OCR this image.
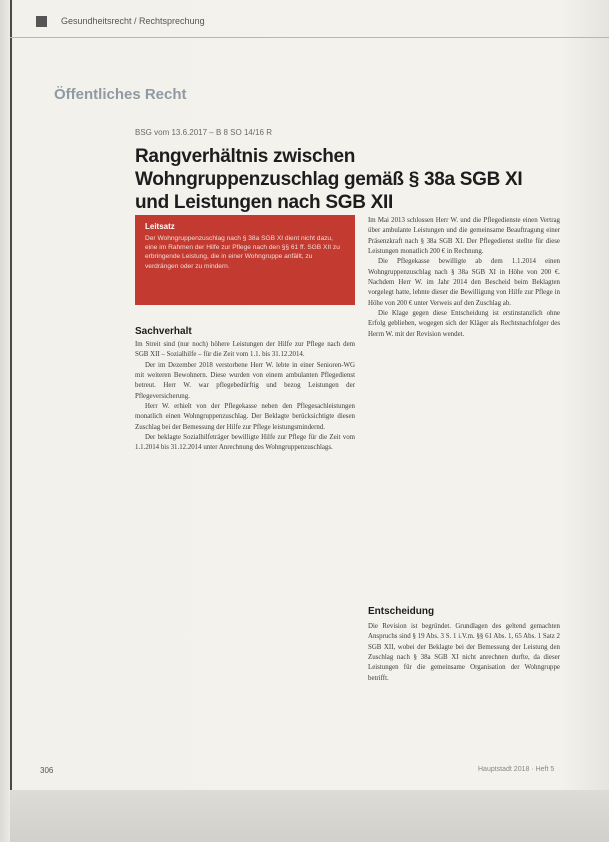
Gesundheitsrecht / Rechtsprechung
Öffentliches Recht
BSG vom 13.6.2017 – B 8 SO 14/16 R
Rangverhältnis zwischen Wohngruppenzuschlag gemäß § 38a SGB XI und Leistungen nach SGB XII
Leitsatz
Der Wohngruppenzuschlag nach § 38a SGB XI dient nicht dazu, eine im Rahmen der Hilfe zur Pflege nach den §§ 61 ff. SGB XII zu erbringende Leistung, die in einer Wohngruppe anfällt, zu verdrängen oder zu mindern.
Sachverhalt

Im Streit sind (nur noch) höhere Leistungen der Hilfe zur Pflege nach dem SGB XII – Sozialhilfe – für die Zeit vom 1.1. bis 31.12.2014.

Der im Dezember 2018 verstorbene Herr W. lebte in einer Senioren-WG mit weiteren Bewohnern. Diese wurden von einem ambulanten Pflegedienst betreut. Herr W. war pflegebedürftig und bezog Leistungen der Pflegeversicherung.

Herr W. erhielt von der Pflegekasse neben den Pflegesachleistungen monatlich einen Wohngruppenzuschlag. Der Beklagte berücksichtigte diesen Zuschlag bei der Bemessung der Hilfe zur Pflege leistungsmindernd.

Der beklagte Sozialhilfeträger bewilligte Hilfe zur Pflege für die Zeit vom 1.1.2014 bis 31.12.2014 unter Anrechnung des Wohngruppenzuschlags.

Im Mai 2013 schlossen Herr W. und die Pflegedienste einen Vertrag über ambulante Leistungen und die gemeinsame Beauftragung einer Präsenzkraft nach § 38a SGB XI. Der Pflegedienst stellte für diese Leistungen monatlich 200 € in Rechnung.

Die Pflegekasse bewilligte ab dem 1.1.2014 einen Wohngruppenzuschlag nach § 38a SGB XI in Höhe von 200 €. Nachdem Herr W. im Jahr 2014 den Bescheid beim Beklagten vorgelegt hatte, lehnte dieser die Bewilligung von Hilfe zur Pflege in Höhe von 200 € unter Verweis auf den Zuschlag ab.

Die Klage gegen diese Entscheidung ist erstinstanzlich ohne Erfolg geblieben, wogegen sich der Kläger als Rechtsnachfolger des Herrn W. mit der Revision wendet.

Entscheidung

Die Revision ist begründet. Grundlagen des geltend gemachten Anspruchs sind § 19 Abs. 3 S. 1 i.V.m. §§ 61 Abs. 1, 65 Abs. 1 Satz 2 SGB XII, wobei der Beklagte bei der Bemessung der Leistung den Zuschlag nach § 38a SGB XI nicht anrechnen durfte, da dieser Leistungen für die gemeinsame Organisation der Wohngruppe betrifft.

306	Hauptstadt 2018 · Heft 5
